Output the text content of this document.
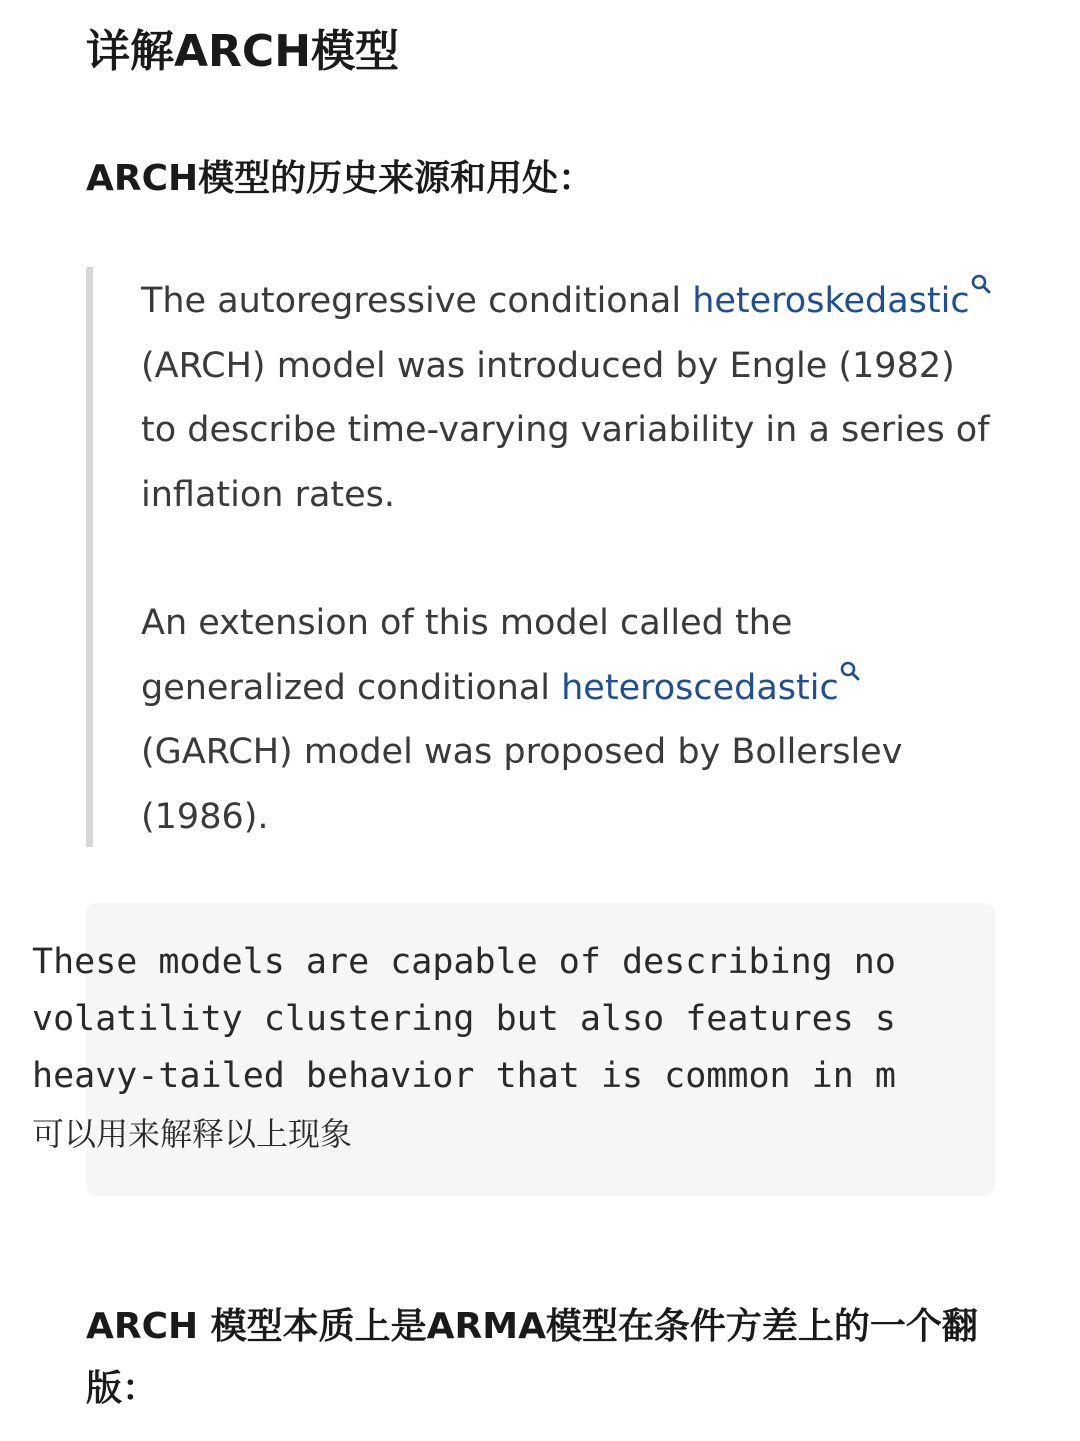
详解ARCH模型
ARCH模型的历史来源和用处：
The autoregressive conditional heteroskedastic
(ARCH) model was introduced by Engle (1982) to describe time-varying variability in a series of inflation rates.
An extension of this model called the generalized conditional heteroscedastic
(GARCH) model was proposed by Bollerslev (1986).
These models are capable of describing no
volatility clustering but also features s
heavy-tailed behavior that is common in m
可以用来解释以上现象
ARCH 模型本质上是ARMA模型在条件方差上的一个翻版：
